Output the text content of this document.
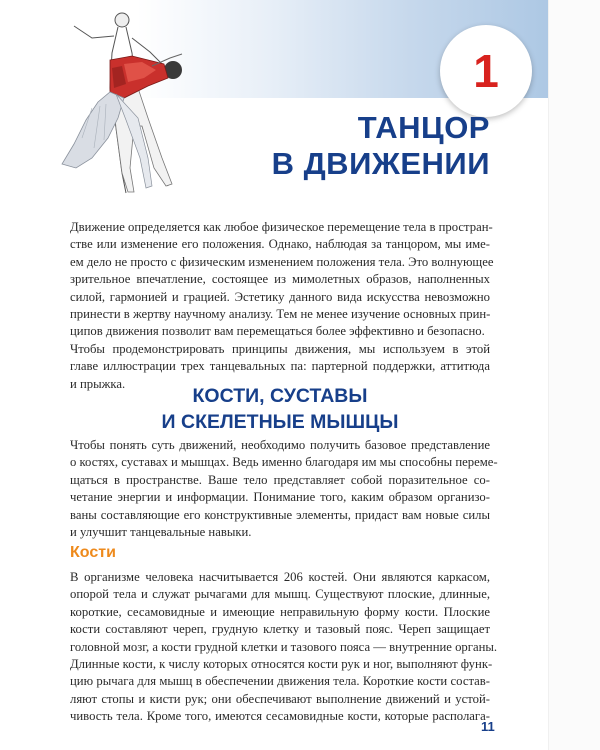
1
ТАНЦОР
В ДВИЖЕНИИ
Движение определяется как любое физическое перемещение тела в прострaн-
стве или изменение его положения. Однако, наблюдая за танцором, мы име-
ем дело не просто с физическим изменением положения тела. Это волнующее
зрительное впечатление, состоящее из мимолетных образов, наполненных
силой, гармонией и грацией. Эстетику данного вида искусства невозможно
принести в жертву научному анализу. Тем не менее изучение основных прин-
ципов движения позволит вам перемещаться более эффективно и безопасно.
Чтобы продемонстрировать принципы движения, мы используем в этой
главе иллюстрации трех танцевальных па: партерной поддержки, аттитюда
и прыжка.
КОСТИ, СУСТАВЫ
И СКЕЛЕТНЫЕ МЫШЦЫ
Чтобы понять суть движений, необходимо получить базовое представление
о костях, суставах и мышцах. Ведь именно благодаря им мы способны переме-
щаться в пространстве. Ваше тело представляет собой поразительное со-
четание энергии и информации. Понимание того, каким образом организо-
ваны составляющие его конструктивные элементы, придаст вам новые силы
и улучшит танцевальные навыки.
Кости
В организме человека насчитывается 206 костей. Они являются каркасом,
опорой тела и служат рычагами для мышц. Существуют плоские, длинные,
короткие, сесамовидные и имеющие неправильную форму кости. Плоские
кости составляют череп, грудную клетку и тазовый пояс. Череп защищает
головной мозг, а кости грудной клетки и тазового пояса — внутренние органы.
Длинные кости, к числу которых относятся кости рук и ног, выполняют функ-
цию рычага для мышц в обеспечении движения тела. Короткие кости состав-
ляют стопы и кисти рук; они обеспечивают выполнение движений и устой-
чивость тела. Кроме того, имеются сесамовидные кости, которые располага-
11
